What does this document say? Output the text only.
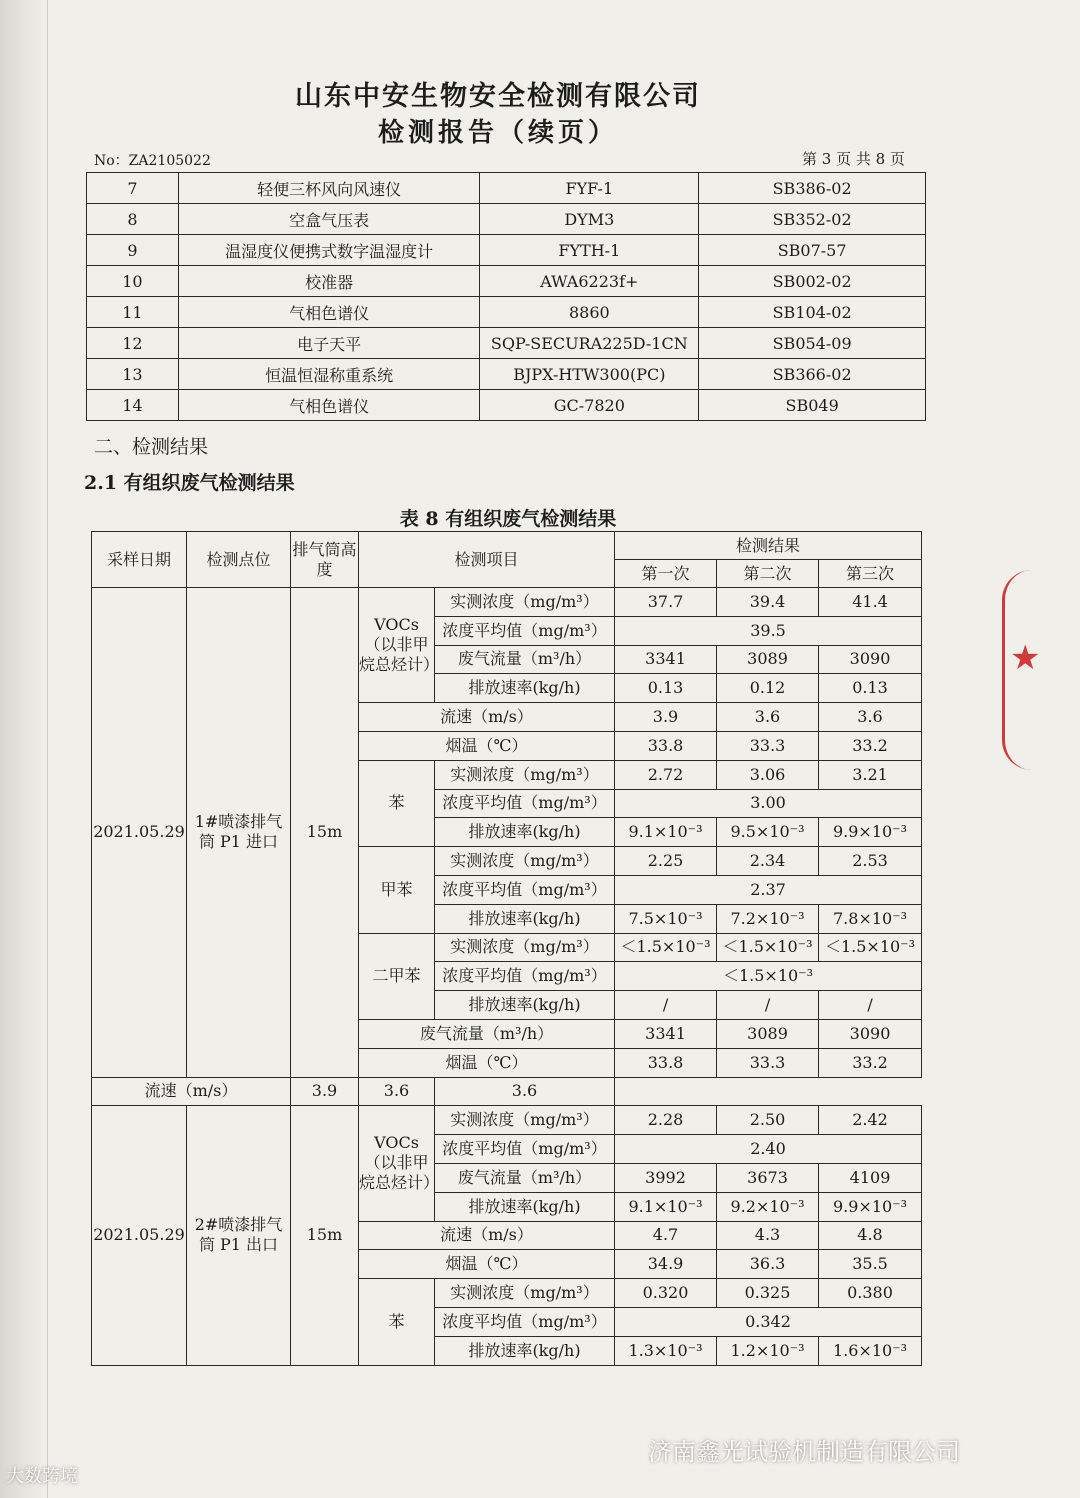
山东中安生物安全检测有限公司
检测报告（续页）
No：ZA2105022	第 3 页 共 8 页
7	轻便三杯风向风速仪	FYF-1	SB386-02
8	空盒气压表	DYM3	SB352-02
9	温湿度仪便携式数字温湿度计	FYTH-1	SB07-57
10	校准器	AWA6223f+	SB002-02
11	气相色谱仪	8860	SB104-02
12	电子天平	SQP-SECURA225D-1CN	SB054-09
13	恒温恒湿称重系统	BJPX-HTW300(PC)	SB366-02
14	气相色谱仪	GC-7820	SB049
二、检测结果
2.1 有组织废气检测结果
表 8 有组织废气检测结果
采样日期	检测点位	排气筒高度	检测项目		检测结果		
					第一次	第二次	第三次
2021.05.29	1#喷漆排气筒 P1 进口	15m	VOCs（以非甲烷总烃计）	实测浓度（mg/m³）	37.7	39.4	41.4
				浓度平均值（mg/m³）	39.5		
				废气流量（m³/h）	3341	3089	3090
				排放速率(kg/h)	0.13	0.12	0.13
			流速（m/s）		3.9	3.6	3.6
			烟温（℃）		33.8	33.3	33.2
			苯	实测浓度（mg/m³）	2.72	3.06	3.21
				浓度平均值（mg/m³）	3.00		
				排放速率(kg/h)	9.1×10⁻³	9.5×10⁻³	9.9×10⁻³
			甲苯	实测浓度（mg/m³）	2.25	2.34	2.53
				浓度平均值（mg/m³）	2.37		
				排放速率(kg/h)	7.5×10⁻³	7.2×10⁻³	7.8×10⁻³
			二甲苯	实测浓度（mg/m³）	＜1.5×10⁻³	＜1.5×10⁻³	＜1.5×10⁻³
				浓度平均值（mg/m³）	＜1.5×10⁻³		
				排放速率(kg/h)	/	/	/
			废气流量（m³/h）		3341	3089	3090
			烟温（℃）		33.8	33.3	33.2
流速（m/s）		3.9	3.6	3.6			
2021.05.29	2#喷漆排气筒 P1 出口	15m	VOCs（以非甲烷总烃计）	实测浓度（mg/m³）	2.28	2.50	2.42
				浓度平均值（mg/m³）	2.40		
				废气流量（m³/h）	3992	3673	4109
				排放速率(kg/h)	9.1×10⁻³	9.2×10⁻³	9.9×10⁻³
			流速（m/s）		4.7	4.3	4.8
			烟温（℃）		34.9	36.3	35.5
			苯	实测浓度（mg/m³）	0.320	0.325	0.380
				浓度平均值（mg/m³）	0.342		
				排放速率(kg/h)	1.3×10⁻³	1.2×10⁻³	1.6×10⁻³
★
大数跨境
济南鑫光试验机制造有限公司
